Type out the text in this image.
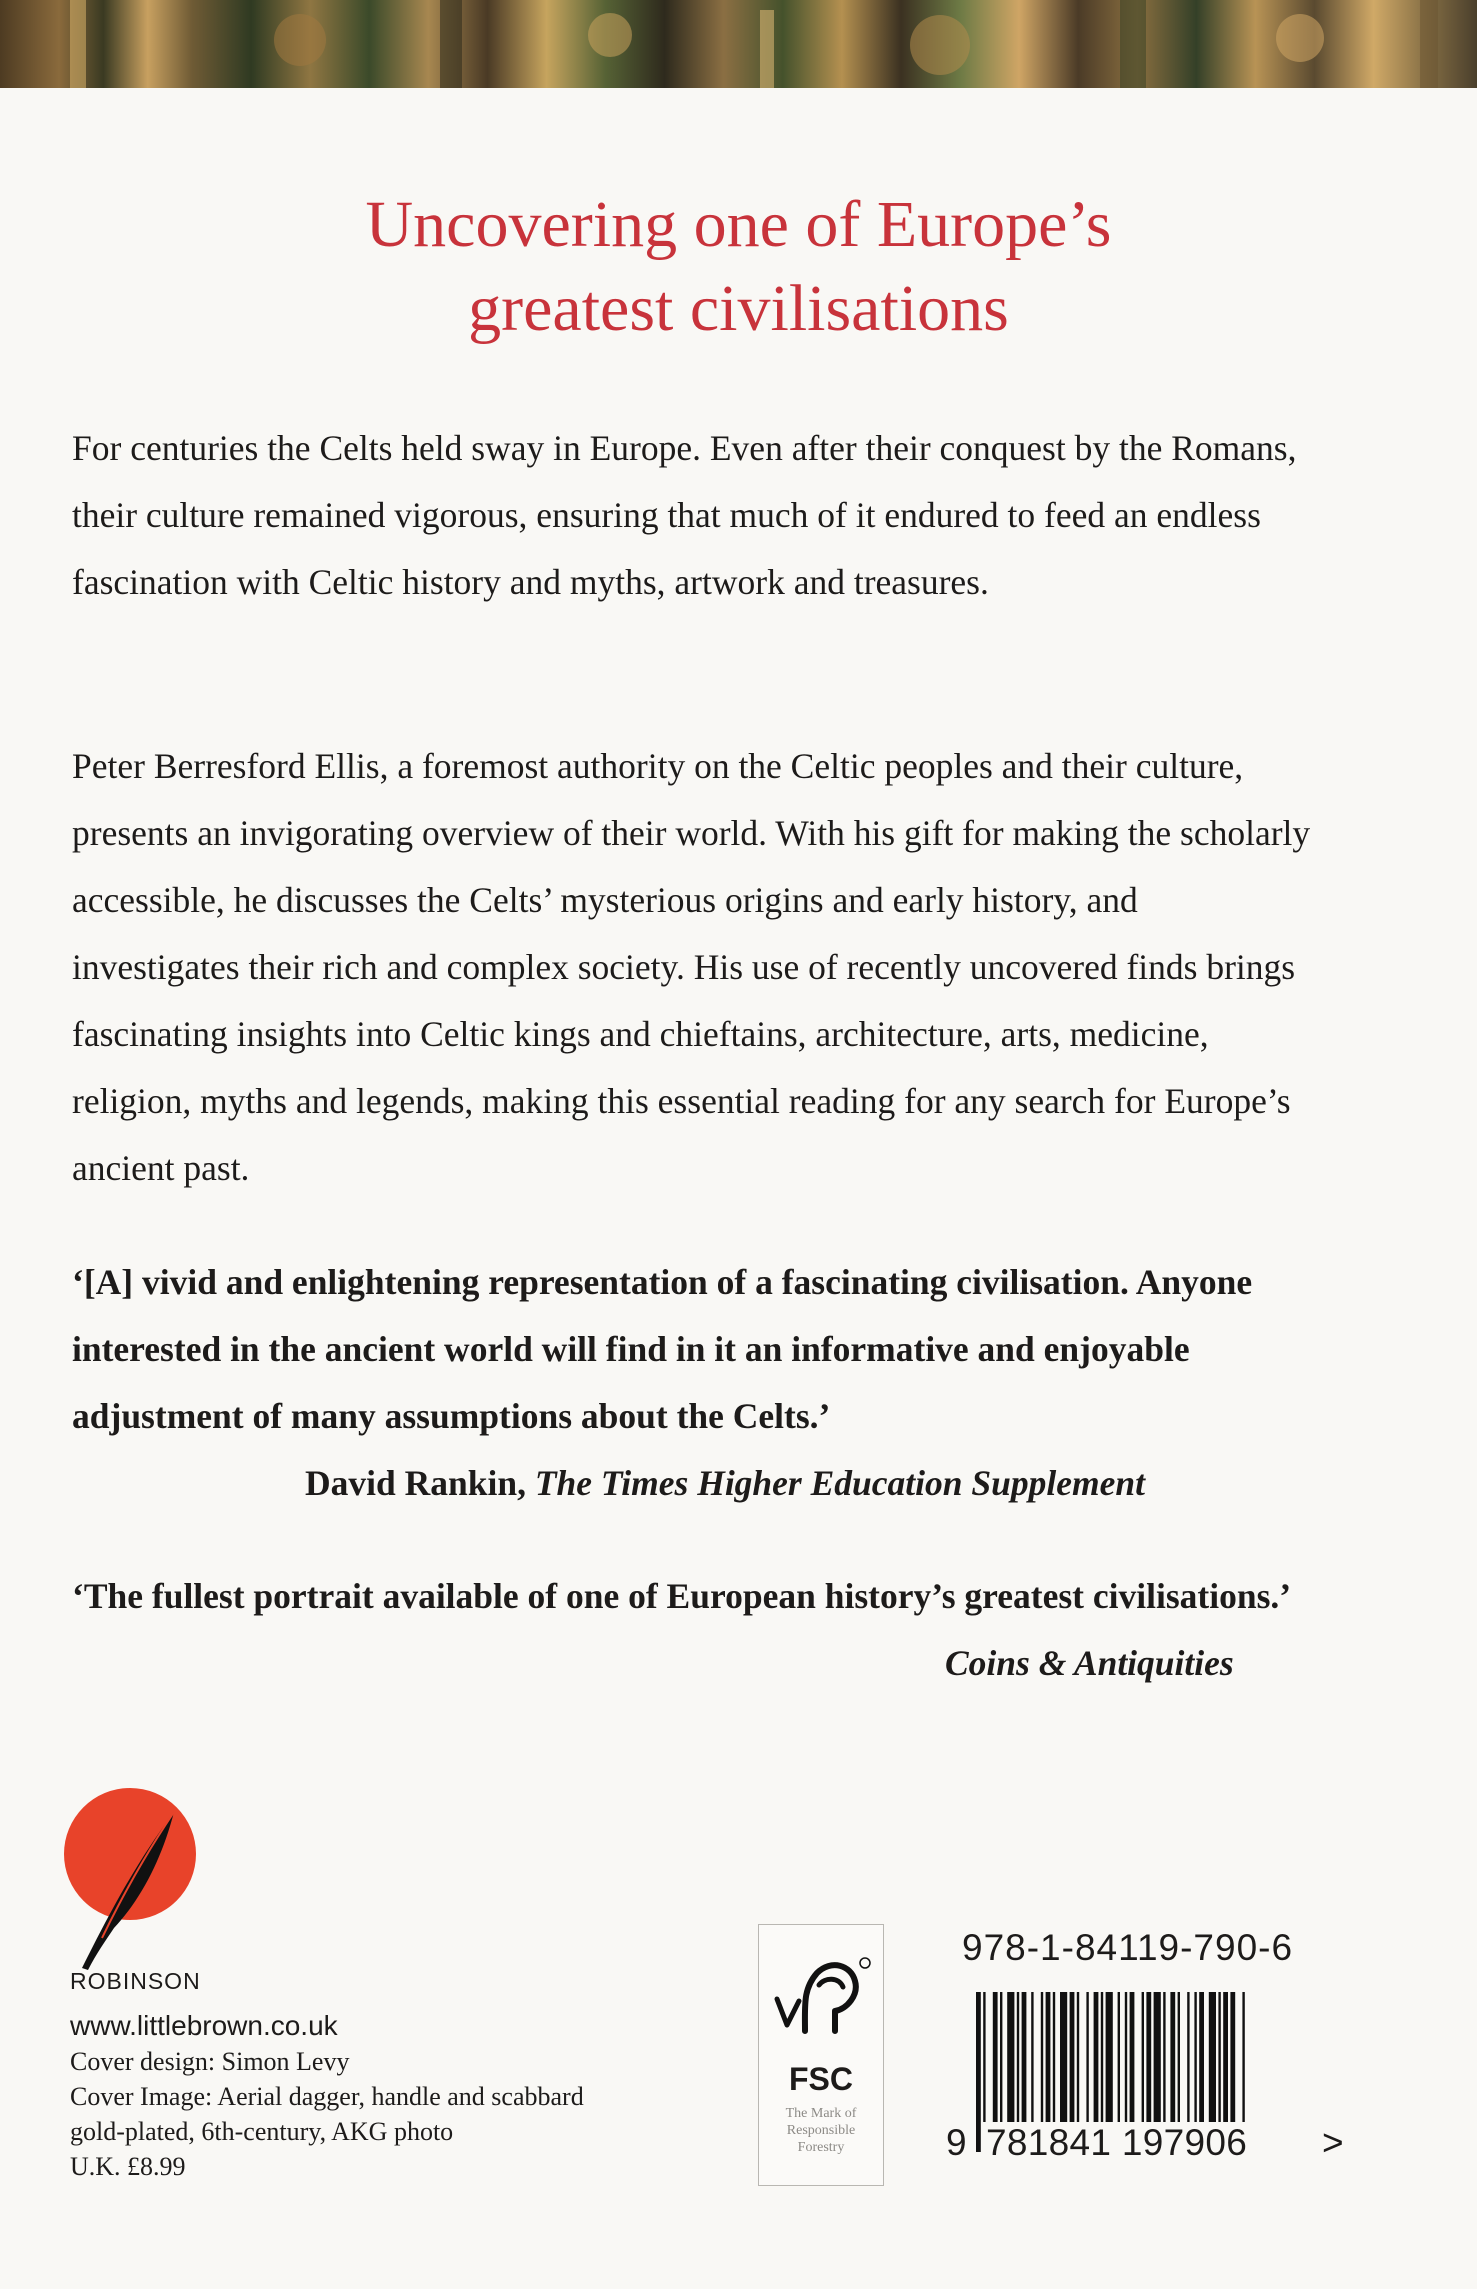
Uncovering one of Europe’s
greatest civilisations

For centuries the Celts held sway in Europe. Even after their conquest by the Romans, their culture remained vigorous, ensuring that much of it endured to feed an endless fascination with Celtic history and myths, artwork and treasures.

Peter Berresford Ellis, a foremost authority on the Celtic peoples and their culture, presents an invigorating overview of their world. With his gift for making the scholarly accessible, he discusses the Celts’ mysterious origins and early history, and investigates their rich and complex society. His use of recently uncovered finds brings fascinating insights into Celtic kings and chieftains, architecture, arts, medicine, religion, myths and legends, making this essential reading for any search for Europe’s ancient past.

‘[A] vivid and enlightening representation of a fascinating civilisation. Anyone interested in the ancient world will find in it an informative and enjoyable adjustment of many assumptions about the Celts.’

David Rankin, The Times Higher Education Supplement

‘The fullest portrait available of one of European history’s greatest civilisations.’

Coins & Antiquities
ROBINSON
www.littlebrown.co.uk
Cover design: Simon Levy
Cover Image: Aerial dagger, handle and scabbard
gold-plated, 6th-century, AKG photo
U.K. £8.99
FSC
The Mark of Responsible Forestry
978-1-84119-790-6
9 781841 197906 >
